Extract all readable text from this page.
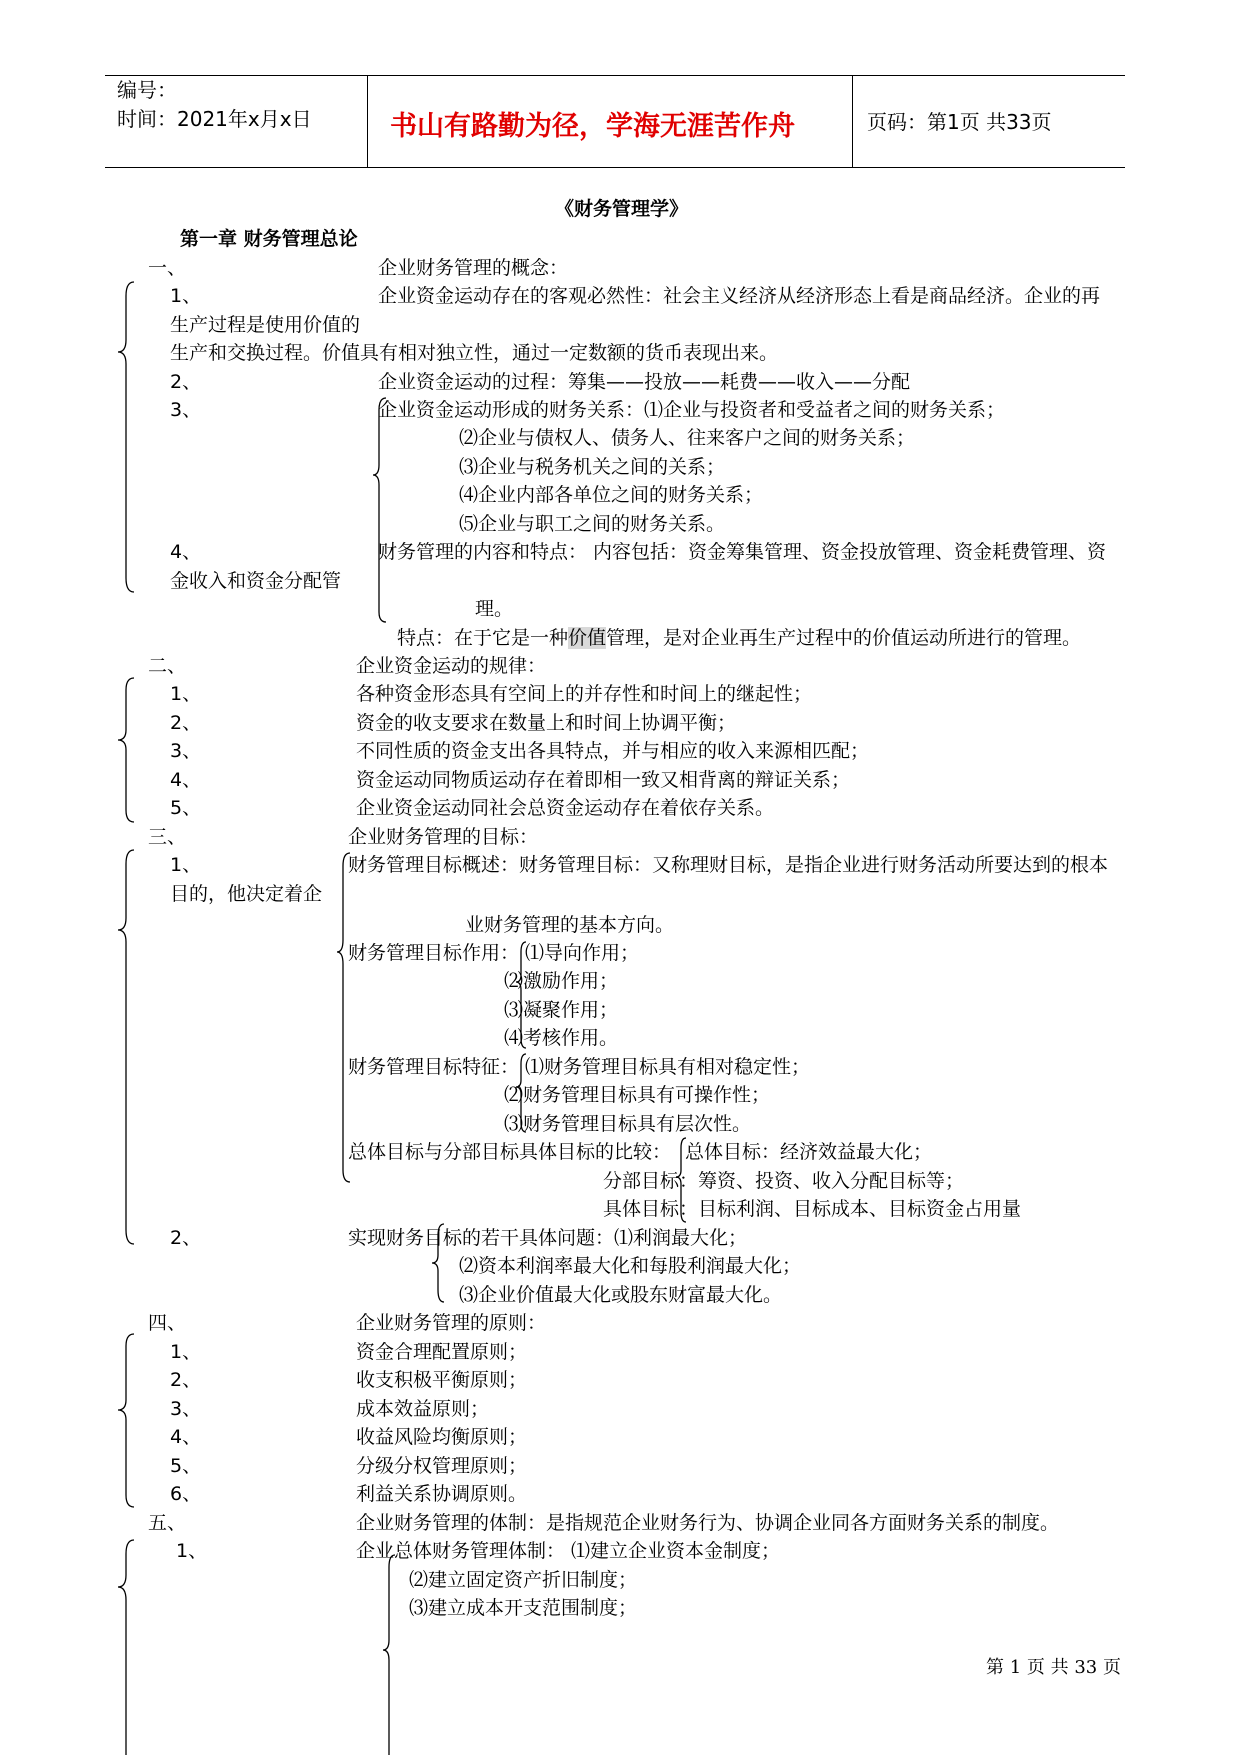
编号：
时间：2021年x月x日	书山有路勤为径，学海无涯苦作舟	页码：第1页 共33页
《财务管理学》
第一章 财务管理总论
一、	企业财务管理的概念：
1、	企业资金运动存在的客观必然性：社会主义经济从经济形态上看是商品经济。企业的再
生产过程是使用价值的
生产和交换过程。价值具有相对独立性，通过一定数额的货币表现出来。
2、	企业资金运动的过程：筹集——投放——耗费——收入——分配
3、	企业资金运动形成的财务关系：⑴企业与投资者和受益者之间的财务关系；
⑵企业与债权人、债务人、往来客户之间的财务关系；
⑶企业与税务机关之间的关系；
⑷企业内部各单位之间的财务关系；
⑸企业与职工之间的财务关系。
4、	财务管理的内容和特点： 内容包括：资金筹集管理、资金投放管理、资金耗费管理、资
金收入和资金分配管
理。
特点：在于它是一种价值管理，是对企业再生产过程中的价值运动所进行的管理。
二、	企业资金运动的规律：
1、	各种资金形态具有空间上的并存性和时间上的继起性；
2、	资金的收支要求在数量上和时间上协调平衡；
3、	不同性质的资金支出各具特点，并与相应的收入来源相匹配；
4、	资金运动同物质运动存在着即相一致又相背离的辩证关系；
5、	企业资金运动同社会总资金运动存在着依存关系。
三、	企业财务管理的目标：
1、	财务管理目标概述：财务管理目标：又称理财目标，是指企业进行财务活动所要达到的根本
目的，他决定着企
业财务管理的基本方向。
财务管理目标作用： ⑴导向作用；
⑵激励作用；
⑶凝聚作用；
⑷考核作用。
财务管理目标特征： ⑴财务管理目标具有相对稳定性；
⑵财务管理目标具有可操作性；
⑶财务管理目标具有层次性。
总体目标与分部目标具体目标的比较： 总体目标：经济效益最大化；
分部目标：筹资、投资、收入分配目标等；
具体目标：目标利润、目标成本、目标资金占用量
2、	实现财务目标的若干具体问题：⑴利润最大化；
⑵资本利润率最大化和每股利润最大化；
⑶企业价值最大化或股东财富最大化。
四、	企业财务管理的原则：
1、	资金合理配置原则；
2、	收支积极平衡原则；
3、	成本效益原则；
4、	收益风险均衡原则；
5、	分级分权管理原则；
6、	利益关系协调原则。
五、	企业财务管理的体制：是指规范企业财务行为、协调企业同各方面财务关系的制度。
1、	企业总体财务管理体制： ⑴建立企业资本金制度；
⑵建立固定资产折旧制度；
⑶建立成本开支范围制度；
第 1 页 共 33 页
